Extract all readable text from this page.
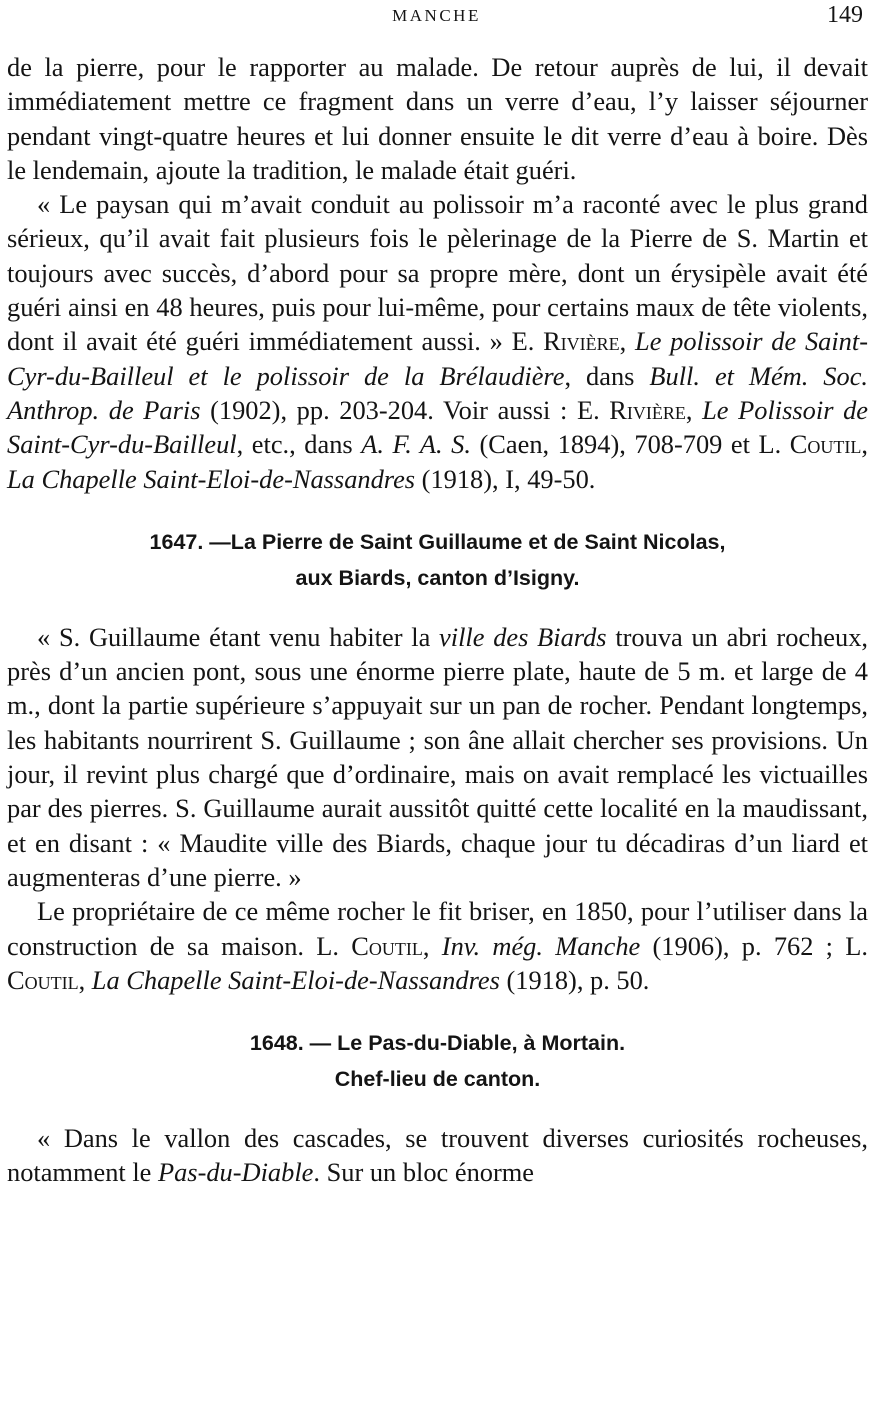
MANCHE	149

de la pierre, pour le rapporter au malade. De retour auprès de lui, il devait immédiatement mettre ce fragment dans un verre d’eau, l’y laisser séjourner pendant vingt-quatre heures et lui donner ensuite le dit verre d’eau à boire. Dès le lendemain, ajoute la tradition, le malade était guéri.

« Le paysan qui m’avait conduit au polissoir m’a raconté avec le plus grand sérieux, qu’il avait fait plusieurs fois le pèlerinage de la Pierre de S. Martin et toujours avec succès, d’abord pour sa propre mère, dont un érysipèle avait été guéri ainsi en 48 heures, puis pour lui-même, pour certains maux de tête violents, dont il avait été guéri immédiatement aussi. » E. Rivière, Le polissoir de Saint-Cyr-du-Bailleul et le polissoir de la Brélaudière, dans Bull. et Mém. Soc. Anthrop. de Paris (1902), pp. 203-204. Voir aussi : E. Rivière, Le Polissoir de Saint-Cyr-du-Bailleul, etc., dans A. F. A. S. (Caen, 1894), 708-709 et L. Coutil, La Chapelle Saint-Eloi-de-Nassandres (1918), I, 49-50.

1647. —La Pierre de Saint Guillaume et de Saint Nicolas,

aux Biards, canton d’Isigny.

« S. Guillaume étant venu habiter la ville des Biards trouva un abri rocheux, près d’un ancien pont, sous une énorme pierre plate, haute de 5 m. et large de 4 m., dont la partie supérieure s’appuyait sur un pan de rocher. Pendant longtemps, les habitants nourrirent S. Guillaume ; son âne allait chercher ses provisions. Un jour, il revint plus chargé que d’ordinaire, mais on avait remplacé les victuailles par des pierres. S. Guillaume aurait aussitôt quitté cette localité en la maudissant, et en disant : « Maudite ville des Biards, chaque jour tu décadiras d’un liard et augmenteras d’une pierre. »

Le propriétaire de ce même rocher le fit briser, en 1850, pour l’utiliser dans la construction de sa maison. L. Coutil, Inv. még. Manche (1906), p. 762 ; L. Coutil, La Chapelle Saint-Eloi-de-Nassandres (1918), p. 50.

1648. — Le Pas-du-Diable, à Mortain.

Chef-lieu de canton.

« Dans le vallon des cascades, se trouvent diverses curiosités rocheuses, notamment le Pas-du-Diable. Sur un bloc énorme
